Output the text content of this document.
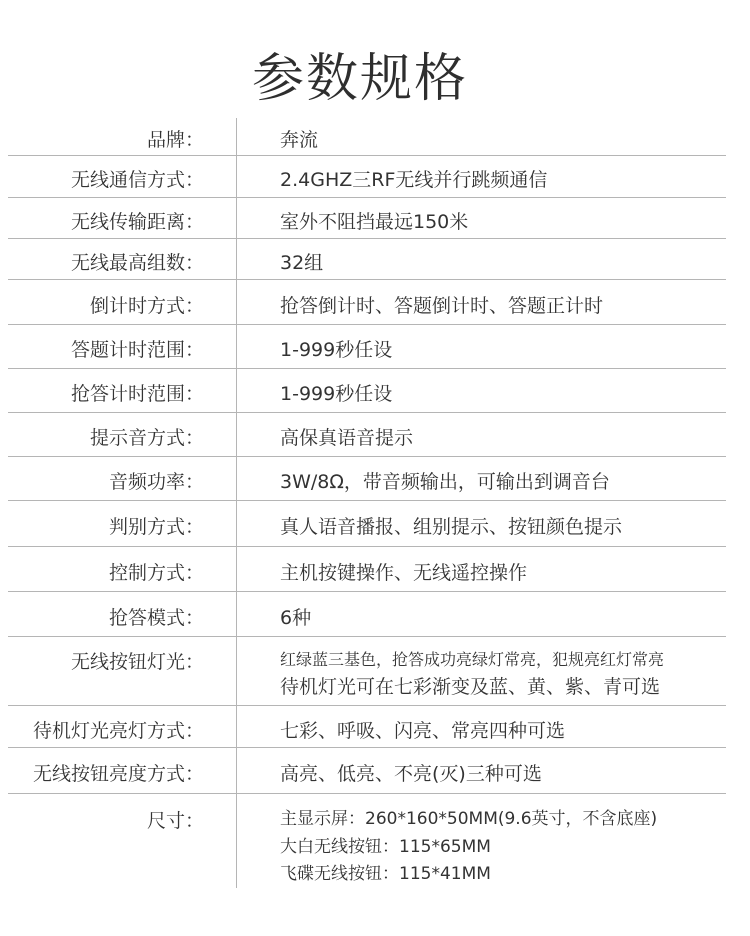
参数规格
品牌：	奔流
无线通信方式：	2.4GHZ三RF无线并行跳频通信
无线传输距离：	室外不阻挡最远150米
无线最高组数：	32组
倒计时方式：	抢答倒计时、答题倒计时、答题正计时
答题计时范围：	1-999秒任设
抢答计时范围：	1-999秒任设
提示音方式：	高保真语音提示
音频功率：	3W/8Ω，带音频输出，可输出到调音台
判别方式：	真人语音播报、组别提示、按钮颜色提示
控制方式：	主机按键操作、无线遥控操作
抢答模式：	6种
无线按钮灯光：	红绿蓝三基色，抢答成功亮绿灯常亮，犯规亮红灯常亮
待机灯光可在七彩渐变及蓝、黄、紫、青可选
待机灯光亮灯方式：	七彩、呼吸、闪亮、常亮四种可选
无线按钮亮度方式：	高亮、低亮、不亮(灭)三种可选
尺寸：	主显示屏：260*160*50MM(9.6英寸，不含底座)
大白无线按钮：115*65MM
飞碟无线按钮：115*41MM
